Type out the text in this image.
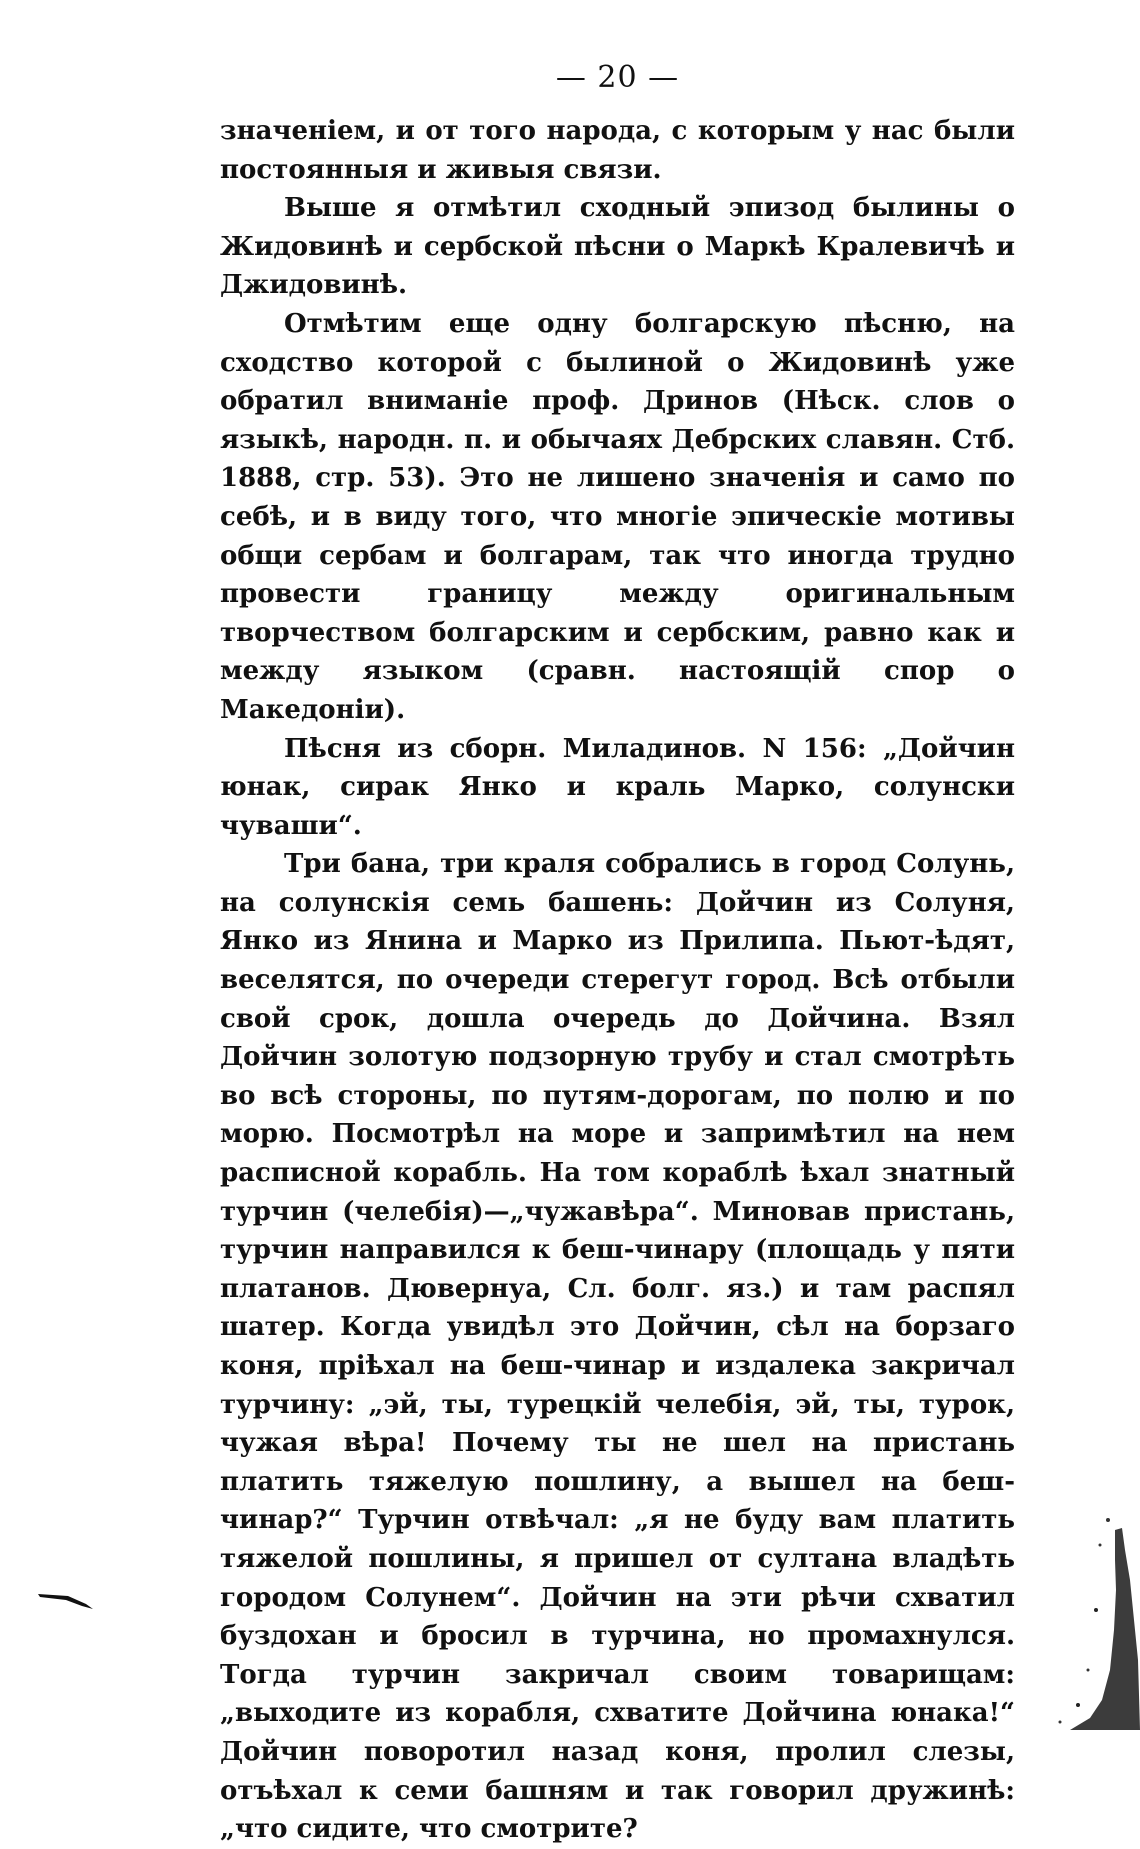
— 20 —

значеніем, и от того народа, с которым у нас были постоянныя и живыя связи.

Выше я отмѣтил сходный эпизод былины о Жидовинѣ и сербской пѣсни о Маркѣ Кралевичѣ и Джидовинѣ.

Отмѣтим еще одну болгарскую пѣсню, на сходство которой с былиной о Жидовинѣ уже обратил вниманіе проф. Дринов (Нѣск. слов о языкѣ, народн. п. и обычаях Дебрских славян. Стб. 1888, стр. 53). Это не лишено значенія и само по себѣ, и в виду того, что многіе эпическіе мотивы общи сербам и болгарам, так что иногда трудно провести границу между оригинальным творчеством болгарским и сербским, равно как и между языком (сравн. настоящій спор о Македоніи).

Пѣсня из сборн. Миладинов. N 156: „Дойчин юнак, сирак Янко и краль Марко, солунски чуваши“.

Три бана, три краля собрались в город Солунь, на солунскія семь башень: Дойчин из Солуня, Янко из Янина и Марко из Прилипа. Пьют-ѣдят, веселятся, по очереди стерегут город. Всѣ отбыли свой срок, дошла очередь до Дойчина. Взял Дойчин золотую подзорную трубу и стал смотрѣть во всѣ стороны, по путям-дорогам, по полю и по морю. Посмотрѣл на море и запримѣтил на нем расписной корабль. На том кораблѣ ѣхал знатный турчин (челебія)—„чужавѣра“. Миновав пристань, турчин направился к беш-чинару (площадь у пяти платанов. Дювернуа, Сл. болг. яз.) и там распял шатер. Когда увидѣл это Дойчин, сѣл на борзаго коня, пріѣхал на беш-чинар и издалека закричал турчину: „эй, ты, турецкій челебія, эй, ты, турок, чужая вѣра! Почему ты не шел на пристань платить тяжелую пошлину, а вышел на беш-чинар?“ Турчин отвѣчал: „я не буду вам платить тяжелой пошлины, я пришел от султана владѣть городом Солунем“. Дойчин на эти рѣчи схватил буздохан и бросил в турчина, но промахнулся. Тогда турчин закричал своим товарищам: „выходите из корабля, схватите Дойчина юнака!“ Дойчин поворотил назад коня, пролил слезы, отъѣхал к семи башням и так говорил дружинѣ: „что сидите, что смотрите?
